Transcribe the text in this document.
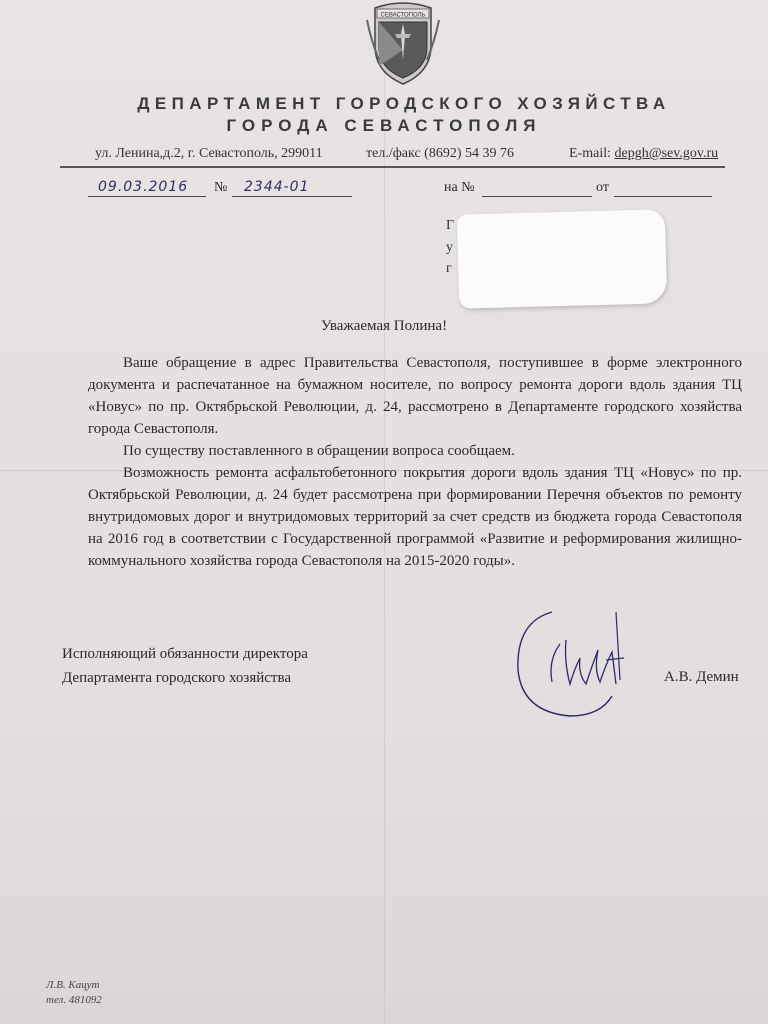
СЕВАСТОПОЛЬ
ДЕПАРТАМЕНТ ГОРОДСКОГО ХОЗЯЙСТВА
ГОРОДА СЕВАСТОПОЛЯ
ул. Ленина,д.2, г. Севастополь, 299011	тел./факс (8692) 54 39 76	E-mail: depgh@sev.gov.ru
09.03.2016 № 2344-01	на №	от
Г
у
г
Уважаемая Полина!

Ваше обращение в адрес Правительства Севастополя, поступившее в форме электронного документа и распечатанное на бумажном носителе, по вопросу ремонта дороги вдоль здания ТЦ «Новус» по пр. Октябрьской Революции, д. 24, рассмотрено в Департаменте городского хозяйства города Севастополя.

По существу поставленного в обращении вопроса сообщаем.

Возможность ремонта асфальтобетонного покрытия дороги вдоль здания ТЦ «Новус» по пр. Октябрьской Революции, д. 24 будет рассмотрена при формировании Перечня объектов по ремонту внутридомовых дорог и внутридомовых территорий за счет средств из бюджета города Севастополя на 2016 год в соответствии с Государственной программой «Развитие и реформирования жилищно-коммунального хозяйства города Севастополя на 2015-2020 годы».

Исполняющий обязанности директора
Департамента городского хозяйства	А.В. Демин
Л.В. Кацут
тел. 481092
